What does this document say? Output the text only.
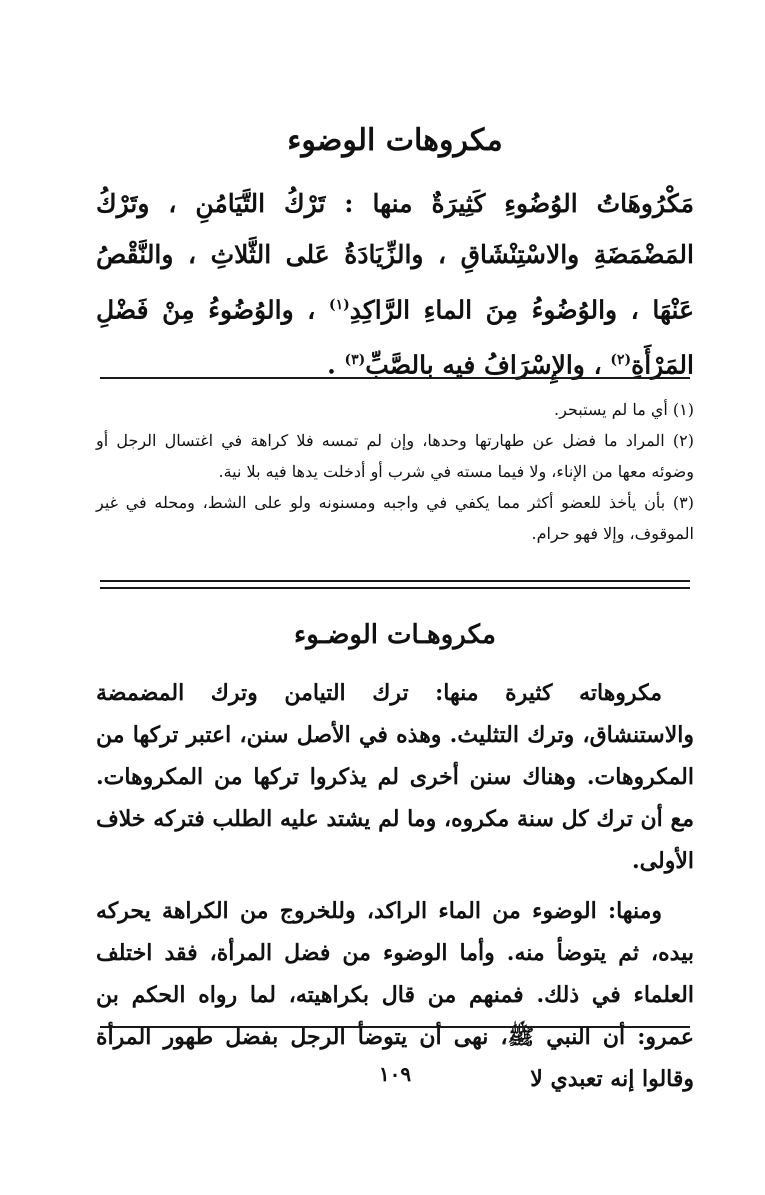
مكروهات الوضوء

مَكْرُوهَاتُ الوُضُوءِ كَثِيرَةٌ منها : تَرْكُ التَّيَامُنِ ، وتَرْكُ المَضْمَضَةِ والاسْتِنْشَاقِ ، والزِّيَادَةُ عَلى الثَّلاثِ ، والنَّقْصُ عَنْهَا ، والوُضُوءُ مِنَ الماءِ الرَّاكِدِ$^{(١)}$ ، والوُضُوءُ مِنْ فَضْلِ المَرْأَةِ$^{(٢)}$ ، والإِسْرَافُ فيه بالصَّبِّ$^{(٣)}$ .

(١) أي ما لم يستبحر.

(٢) المراد ما فضل عن طهارتها وحدها، وإن لم تمسه فلا كراهة في اغتسال الرجل أو وضوئه معها من الإناء، ولا فيما مسته في شرب أو أدخلت يدها فيه بلا نية.

(٣) بأن يأخذ للعضو أكثر مما يكفي في واجبه ومسنونه ولو على الشط، ومحله في غير الموقوف، وإلا فهو حرام.

مكروهـات الوضـوء

مكروهاته كثيرة منها: ترك التيامن وترك المضمضة والاستنشاق، وترك التثليث. وهذه في الأصل سنن، اعتبر تركها من المكروهات. وهناك سنن أخرى لم يذكروا تركها من المكروهات. مع أن ترك كل سنة مكروه، وما لم يشتد عليه الطلب فتركه خلاف الأولى.

ومنها: الوضوء من الماء الراكد، وللخروج من الكراهة يحركه بيده، ثم يتوضأ منه. وأما الوضوء من فضل المرأة، فقد اختلف العلماء في ذلك. فمنهم من قال بكراهيته، لما رواه الحكم بن عمرو: أن النبي ﷺ، نهى أن يتوضأ الرجل بفضل طهور المرأة وقالوا إنه تعبدي لا

١٠٩
